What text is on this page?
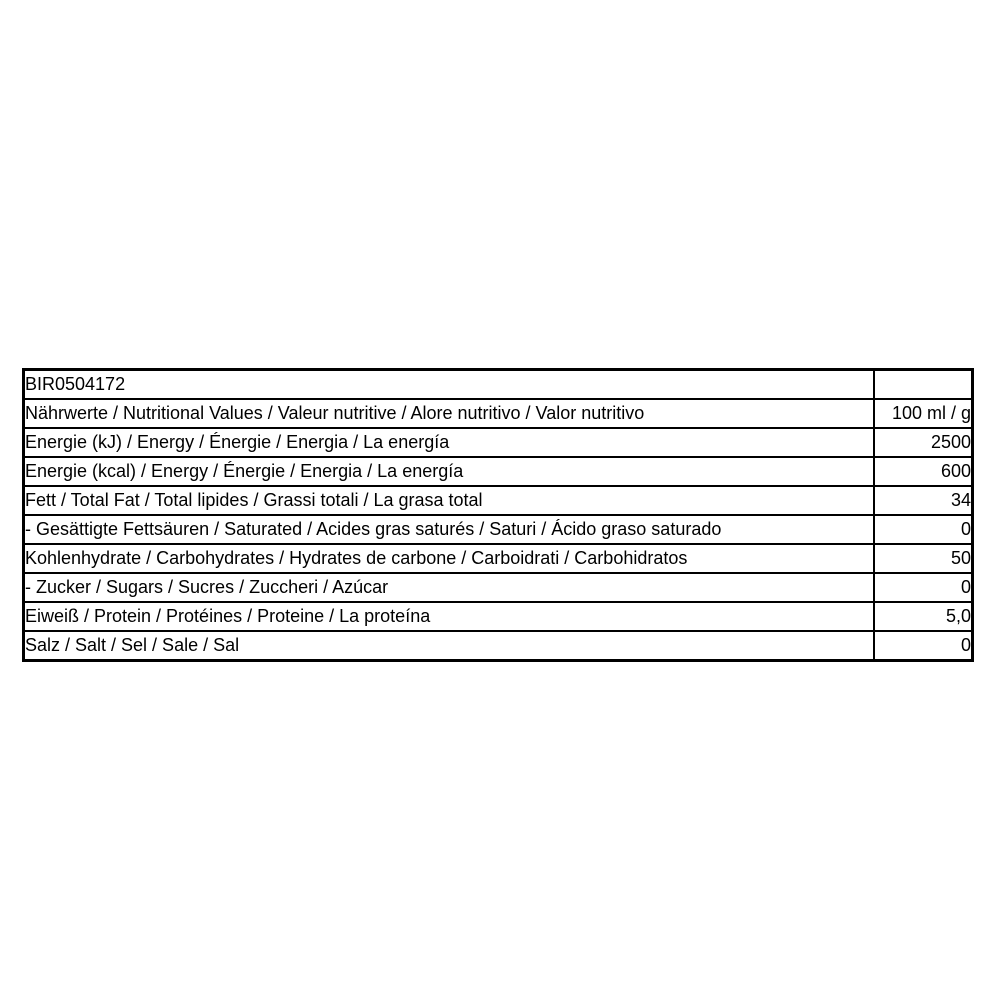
BIR0504172	
Nährwerte / Nutritional Values / Valeur nutritive / Alore nutritivo / Valor nutritivo	100 ml / g
Energie (kJ) / Energy / Énergie / Energia / La energía	2500
Energie (kcal) / Energy / Énergie / Energia / La energía	600
Fett / Total Fat / Total lipides / Grassi totali / La grasa total	34
- Gesättigte Fettsäuren / Saturated / Acides gras saturés / Saturi / Ácido graso saturado	0
Kohlenhydrate / Carbohydrates / Hydrates de carbone / Carboidrati / Carbohidratos	50
- Zucker / Sugars / Sucres / Zuccheri / Azúcar	0
Eiweiß / Protein / Protéines / Proteine / La proteína	5,0
Salz / Salt / Sel / Sale / Sal	0
